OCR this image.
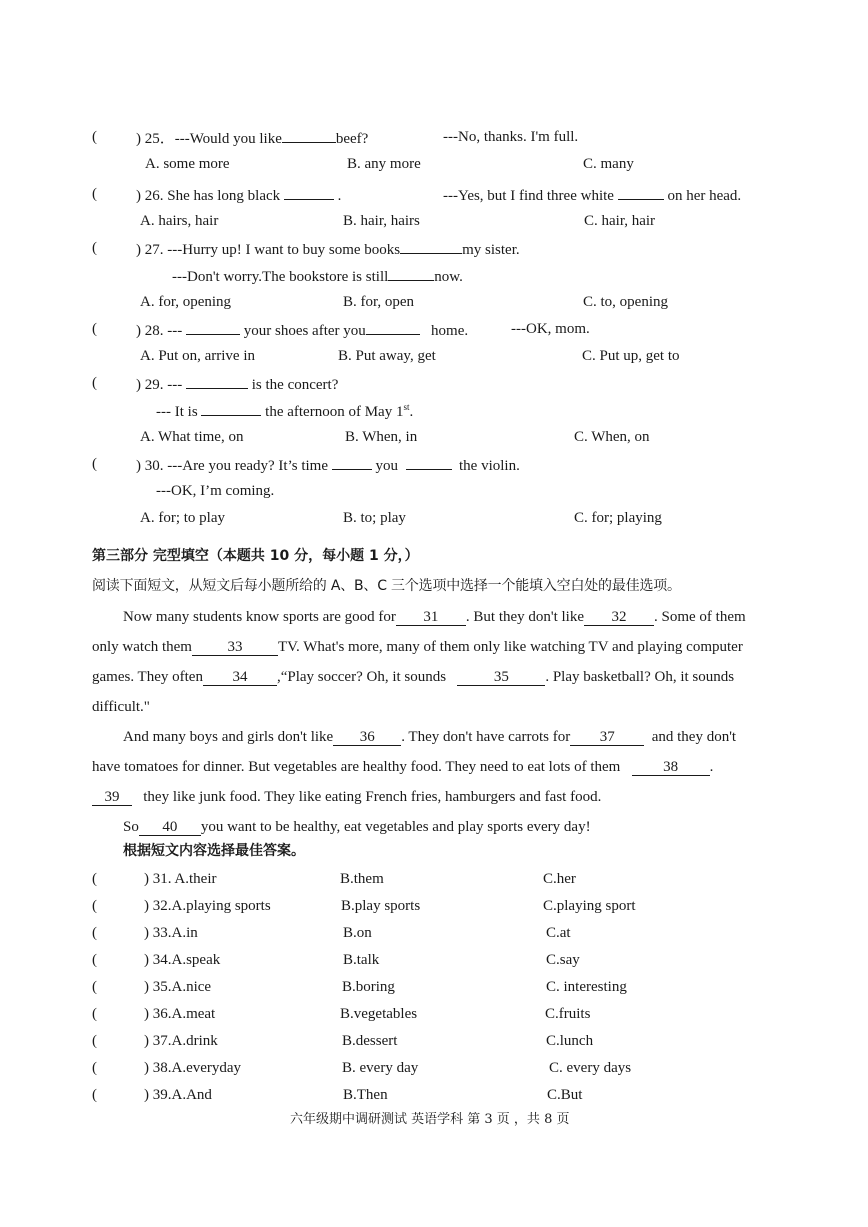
(	) 25．---Would you like	beef?	---No, thanks. I'm full.
A. some more	B. any more	C. many
(	) 26. She has long black	.	---Yes, but I find three white	on her head.
A. hairs, hair	B. hair, hairs	C. hair, hair
(	) 27. ---Hurry up! I want to buy some books	my sister.
---Don't worry.The bookstore is still	now.
A. for, opening	B. for, open	C. to, opening
(	) 28. ---	your shoes after you	home.	---OK, mom.
A. Put on, arrive in	B. Put away, get	C. Put up, get to
(	) 29. ---	is the concert?
--- It is	the afternoon of May 1st.
A. What time, on	B. When, in	C. When, on
(	) 30. ---Are you ready? It’s time	you	the violin.
---OK, I’m coming.
A. for; to play	B. to; play	C. for; playing
第三部分 完型填空（本题共 10 分，每小题 1 分，）
阅读下面短文，从短文后每小题所给的 A、B、C 三个选项中选择一个能填入空白处的最佳选项。
Now many students know sports are good for 31 . But they don't like 32 . Some of them
only watch them 33 TV. What's more, many of them only like watching TV and playing computer
games. They often 34 ,“Play soccer? Oh, it sounds	35 . Play basketball? Oh, it sounds
difficult."
And many boys and girls don't like 36 . They don't have carrots for 37 and they don't
have tomatoes for dinner. But vegetables are healthy food. They need to eat lots of them	38 .
39 they like junk food. They like eating French fries, hamburgers and fast food.
So 40 you want to be healthy, eat vegetables and play sports every day!
根据短文内容选择最佳答案。
(	) 31. A.their	B.them	C.her
(	) 32.A.playing sports	B.play sports	C.playing sport
(	) 33.A.in	B.on	C.at
(	) 34.A.speak	B.talk	C.say
(	) 35.A.nice	B.boring	C. interesting
(	) 36.A.meat	B.vegetables	C.fruits
(	) 37.A.drink	B.dessert	C.lunch
(	) 38.A.everyday	B. every day	C. every days
(	) 39.A.And	B.Then	C.But
六年级期中调研测试 英语学科 第 3 页 ，共 8 页
